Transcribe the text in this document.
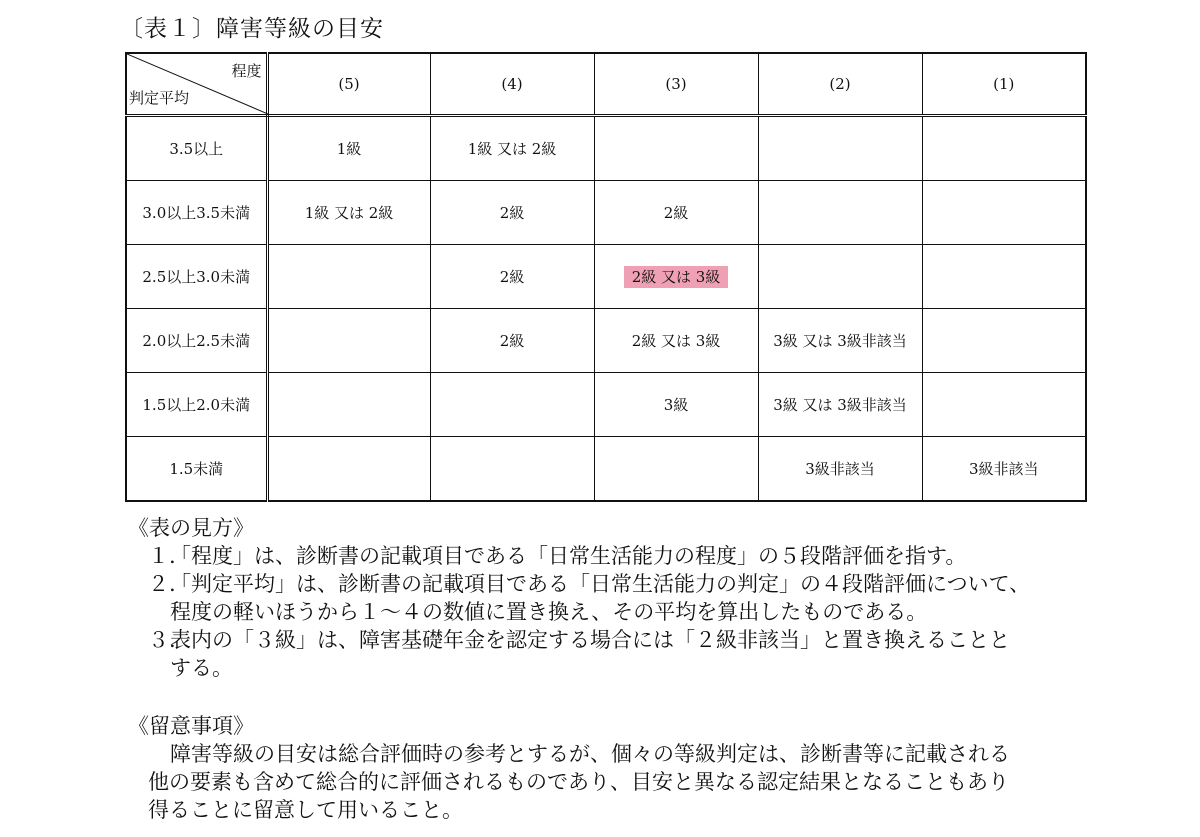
〔表１〕障害等級の目安
程度
判定平均	(5)	(4)	(3)	(2)	(1)
3.5以上	1級	1級 又は 2級			
3.0以上3.5未満	1級 又は 2級	2級	2級		
2.5以上3.0未満		2級	2級 又は 3級		
2.0以上2.5未満		2級	2級 又は 3級	3級 又は 3級非該当	
1.5以上2.0未満			3級	3級 又は 3級非該当	
1.5未満				3級非該当	3級非該当

《表の見方》

１.「程度」は、診断書の記載項目である「日常生活能力の程度」の５段階評価を指す。

２.「判定平均」は、診断書の記載項目である「日常生活能力の判定」の４段階評価について、

程度の軽いほうから１～４の数値に置き換え、その平均を算出したものである。

３.表内の「３級」は、障害基礎年金を認定する場合には「２級非該当」と置き換えることと

する。

《留意事項》

障害等級の目安は総合評価時の参考とするが、個々の等級判定は、診断書等に記載される

他の要素も含めて総合的に評価されるものであり、目安と異なる認定結果となることもあり

得ることに留意して用いること。
